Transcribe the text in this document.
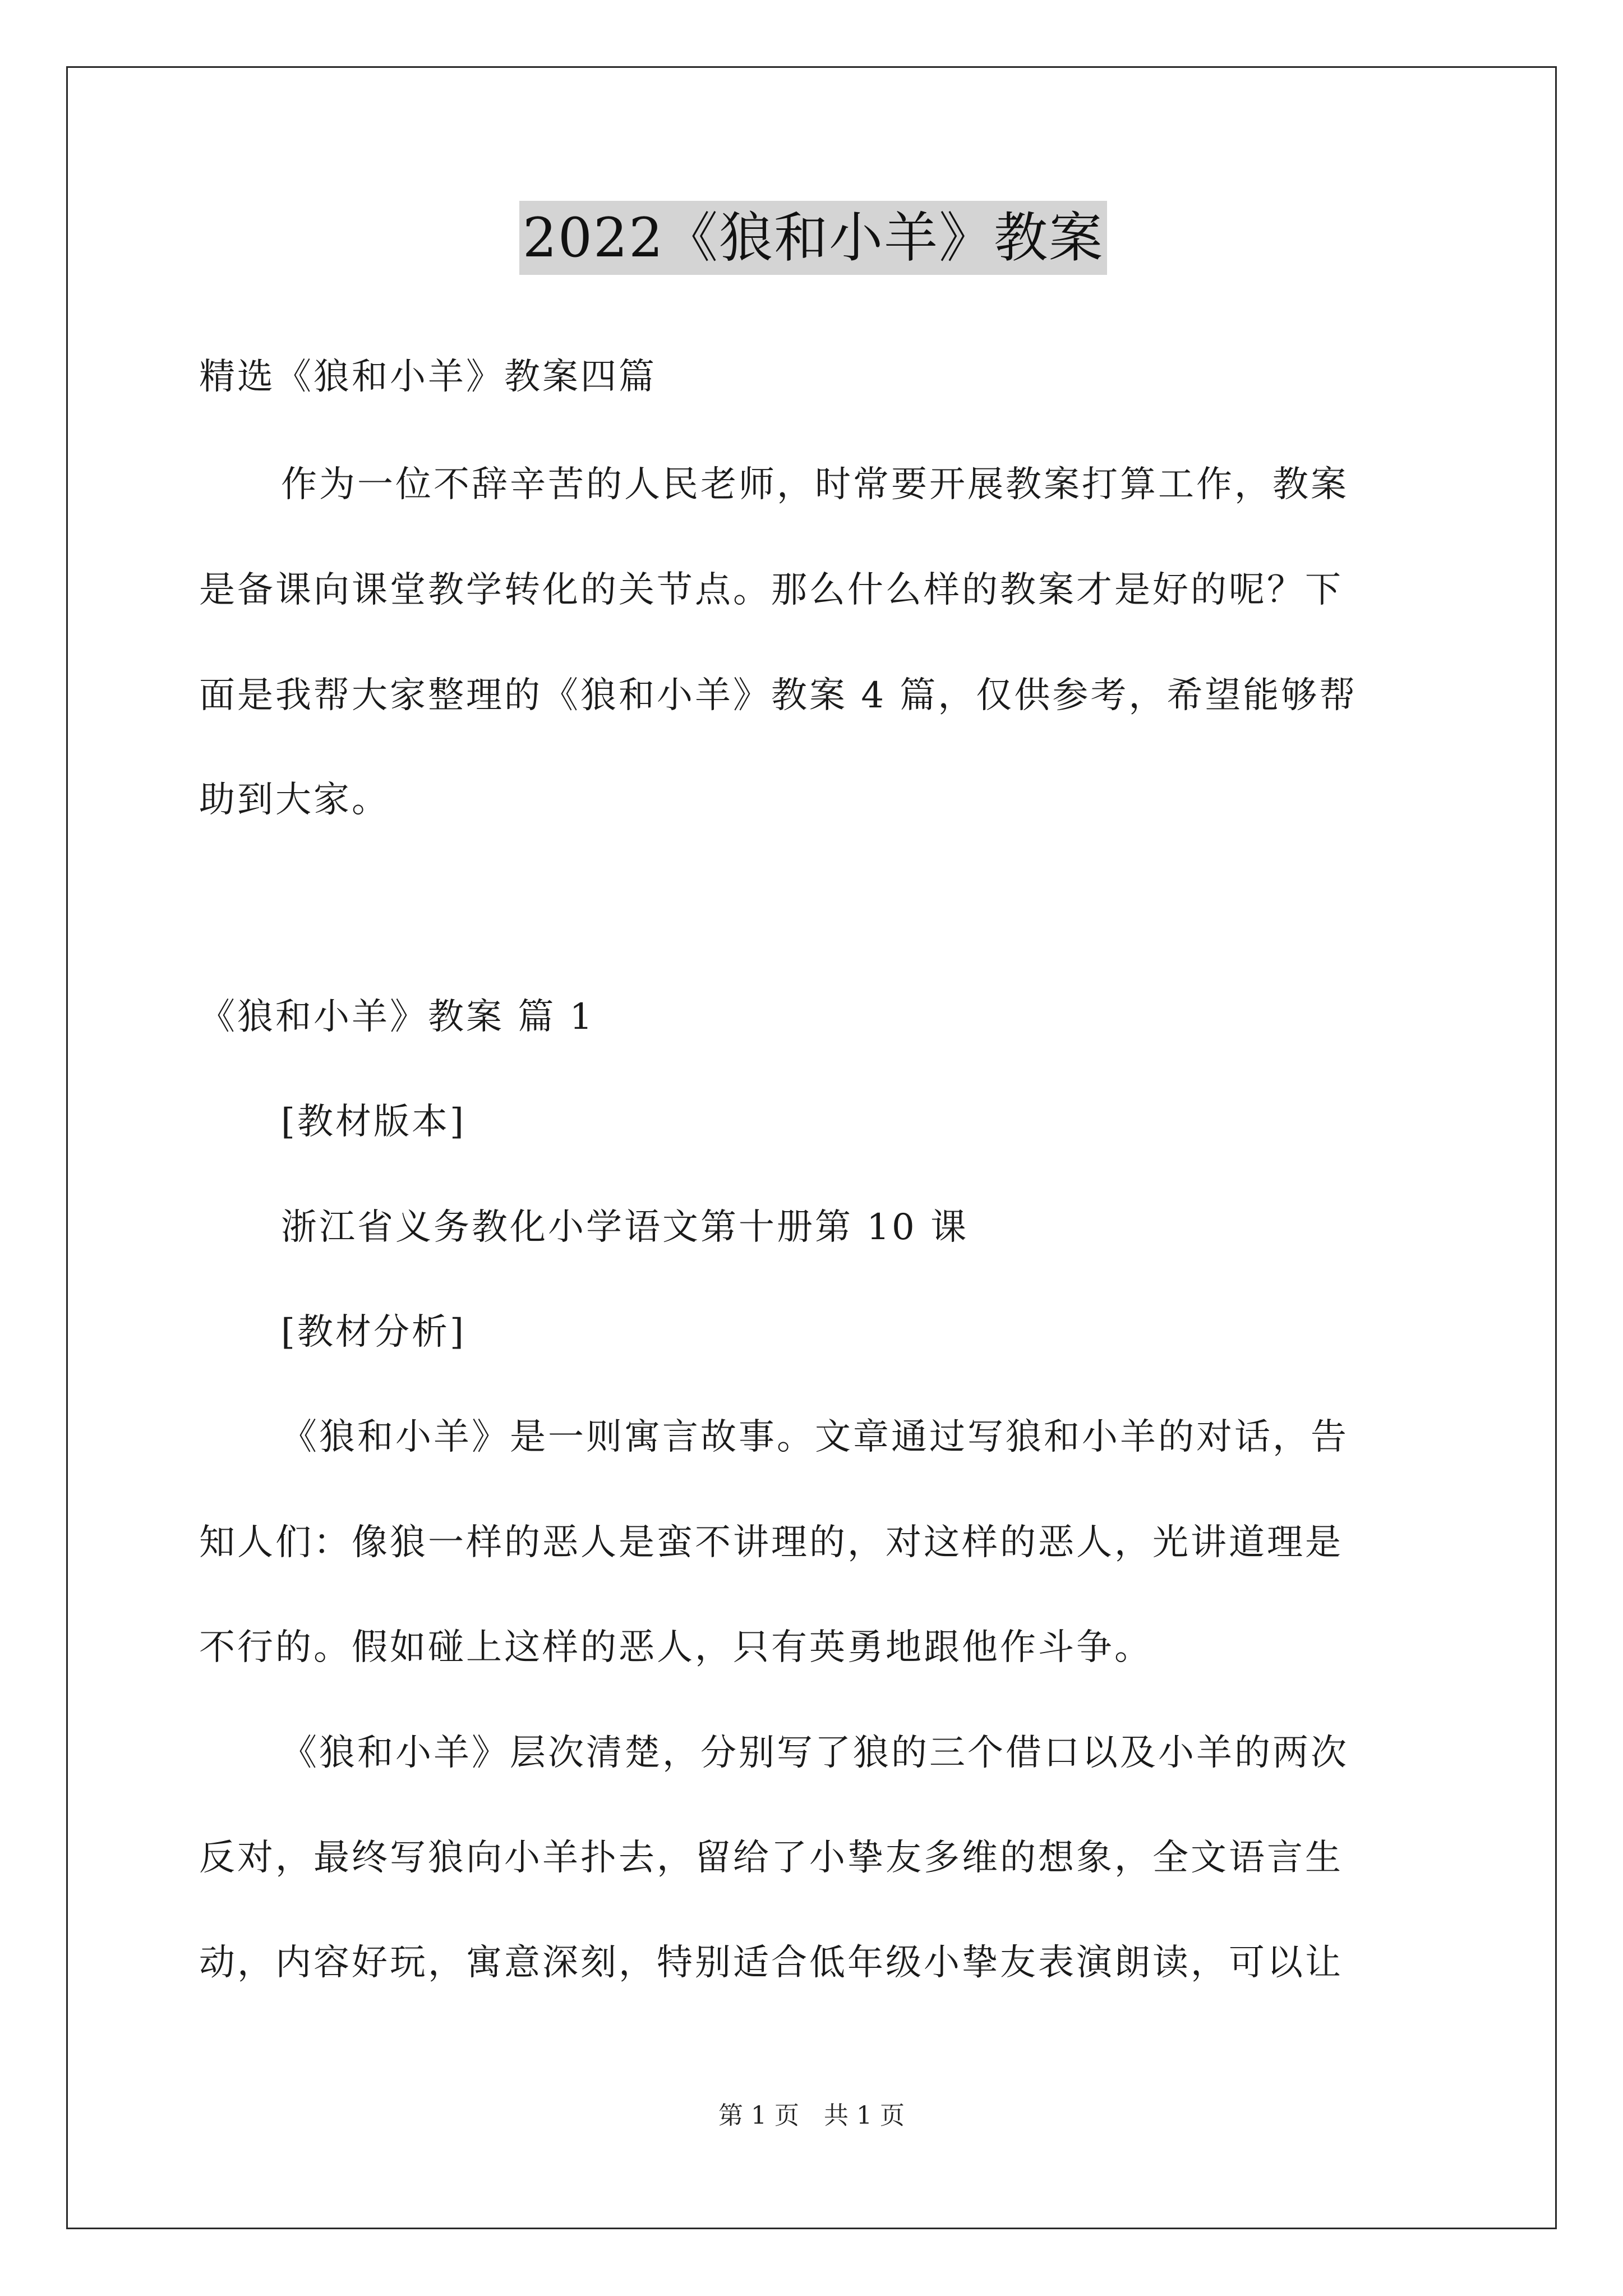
2022《狼和小羊》教案
精选《狼和小羊》教案四篇
作为一位不辞辛苦的人民老师，时常要开展教案打算工作，教案
是备课向课堂教学转化的关节点。那么什么样的教案才是好的呢？下
面是我帮大家整理的《狼和小羊》教案 4 篇，仅供参考，希望能够帮
助到大家。
《狼和小羊》教案 篇 1
[教材版本]
浙江省义务教化小学语文第十册第 10 课
[教材分析]
《狼和小羊》是一则寓言故事。文章通过写狼和小羊的对话，告
知人们：像狼一样的恶人是蛮不讲理的，对这样的恶人，光讲道理是
不行的。假如碰上这样的恶人，只有英勇地跟他作斗争。
《狼和小羊》层次清楚，分别写了狼的三个借口以及小羊的两次
反对，最终写狼向小羊扑去，留给了小挚友多维的想象，全文语言生
动，内容好玩，寓意深刻，特别适合低年级小挚友表演朗读，可以让
第 1 页 共 1 页
